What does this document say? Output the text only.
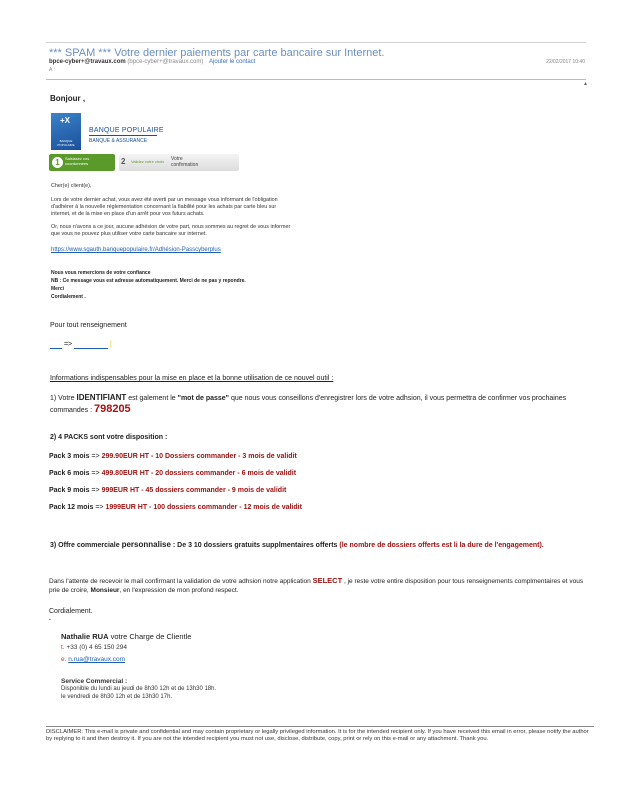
*** SPAM *** Votre dernier paiements par carte bancaire sur Internet.
bpce-cyber+@travaux.com (bpce-cyber+@travaux.com) Ajouter le contact	22/02/2017 10:40
A :
▴
Bonjour ,
+X
BANQUE POPULAIRE
BANQUE POPULAIRE
BANQUE & ASSURANCE
1	Saisissez vos coordonnées	2 Validez votre choix Votre confirmation
Cher(e) client(e),
Lors de votre dernier achat, vous avez été averti par un message vous informant de l'obligation d'adhérer à la nouvelle réglementation concernant la fiabilité pour les achats par carte bleu sur internet, et de la mise en place d'un arrêt pour vos futurs achats.
Or, nous n'avons a ce jour, aucune adhésion de votre part, nous sommes au regret de vous informer que vous ne pouvez plus utiliser votre carte bancaire sur internet.
https://www.sgauth.banquepopulaire.fr/Adhésion-Passcyberplus
Nous vous remercions de votre confiance
NB : Ce message vous est adresse automatiquement. Merci de ne pas y repondre.
Merci
Cordialement .
Pour tout renseignement
=>	|
Informations indispensables pour la mise en place et la bonne utilisation de ce nouvel outil :
1) Votre IDENTIFIANT est galement le "mot de passe" que nous vous conseillons d'enregistrer lors de votre adhsion, il vous permettra de confirmer vos prochaines commandes : 798205
2) 4 PACKS sont votre disposition :
Pack 3 mois => 299.90EUR HT - 10 Dossiers commander - 3 mois de validit
Pack 6 mois => 499.80EUR HT - 20 dossiers commander - 6 mois de validit
Pack 9 mois => 999EUR HT - 45 dossiers commander - 9 mois de validit
Pack 12 mois => 1999EUR HT - 100 dossiers commander - 12 mois de validit
3) Offre commerciale personnalise : De 3 10 dossiers gratuits supplmentaires offerts (le nombre de dossiers offerts est li la dure de l'engagement).
Dans l'attente de recevoir le mail confirmant la validation de votre adhsion notre application SELECT , je reste votre entire disposition pour tous renseignements complmentaires et vous prie de croire, Monsieur, en l'expression de mon profond respect.
Cordialement.
▪
Nathalie RUA votre Charge de Clientle
t. +33 (0) 4 65 150 294
e. n.rua@travaux.com
Service Commercial :
Disponible du lundi au jeudi de 8h30 12h et de 13h30 18h.
le vendredi de 8h30 12h et de 13h30 17h.
DISCLAIMER: This e-mail is private and confidential and may contain proprietary or legally privileged information. It is for the intended recipient only. If you have received this email in error, please notify the author by replying to it and then destroy it. If you are not the intended recipient you must not use, disclose, distribute, copy, print or rely on this e-mail or any attachment. Thank you.
